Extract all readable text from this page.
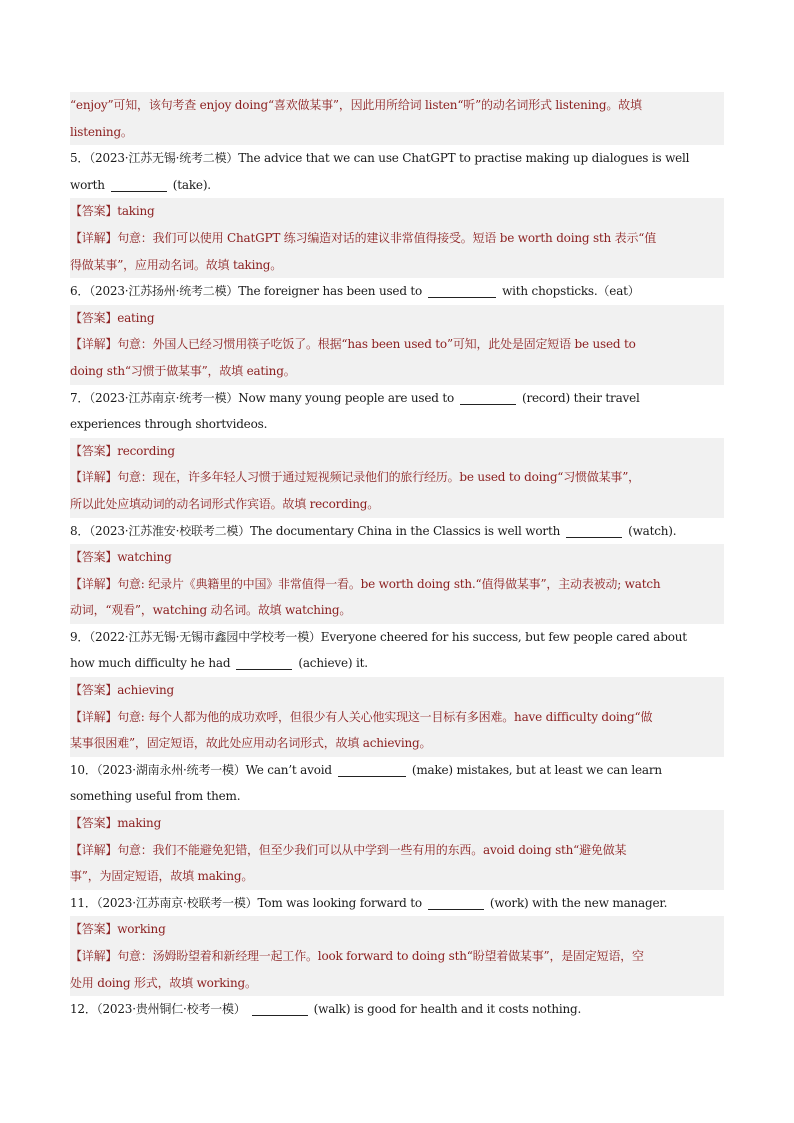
“enjoy”可知，该句考查 enjoy doing“喜欢做某事”，因此用所给词 listen“听”的动名词形式 listening。故填
listening。
5．（2023·江苏无锡·统考二模）The advice that we can use ChatGPT to practise making up dialogues is well
worth	(take).
【答案】taking
【详解】句意：我们可以使用 ChatGPT 练习编造对话的建议非常值得接受。短语 be worth doing sth 表示“值
得做某事”，应用动名词。故填 taking。
6．（2023·江苏扬州·统考二模）The foreigner has been used to	with chopsticks.（eat）
【答案】eating
【详解】句意：外国人已经习惯用筷子吃饭了。根据“has been used to”可知，此处是固定短语 be used to
doing sth“习惯于做某事”，故填 eating。
7．（2023·江苏南京·统考一模）Now many young people are used to	(record) their travel
experiences through shortvideos.
【答案】recording
【详解】句意：现在，许多年轻人习惯于通过短视频记录他们的旅行经历。be used to doing“习惯做某事”，
所以此处应填动词的动名词形式作宾语。故填 recording。
8．（2023·江苏淮安·校联考二模）The documentary China in the Classics is well worth	(watch).
【答案】watching
【详解】句意: 纪录片《典籍里的中国》非常值得一看。be worth doing sth.“值得做某事”，主动表被动; watch
动词，“观看”，watching 动名词。故填 watching。
9．（2022·江苏无锡·无锡市鑫园中学校考一模）Everyone cheered for his success, but few people cared about
how much difficulty he had	(achieve) it.
【答案】achieving
【详解】句意: 每个人都为他的成功欢呼，但很少有人关心他实现这一目标有多困难。have difficulty doing“做
某事很困难”，固定短语，故此处应用动名词形式，故填 achieving。
10．（2023·湖南永州·统考一模）We can’t avoid	(make) mistakes, but at least we can learn
something useful from them.
【答案】making
【详解】句意：我们不能避免犯错，但至少我们可以从中学到一些有用的东西。avoid doing sth“避免做某
事”，为固定短语，故填 making。
11．（2023·江苏南京·校联考一模）Tom was looking forward to	(work) with the new manager.
【答案】working
【详解】句意：汤姆盼望着和新经理一起工作。look forward to doing sth“盼望着做某事”，是固定短语，空
处用 doing 形式，故填 working。
12．（2023·贵州铜仁·校考一模）	(walk) is good for health and it costs nothing.
